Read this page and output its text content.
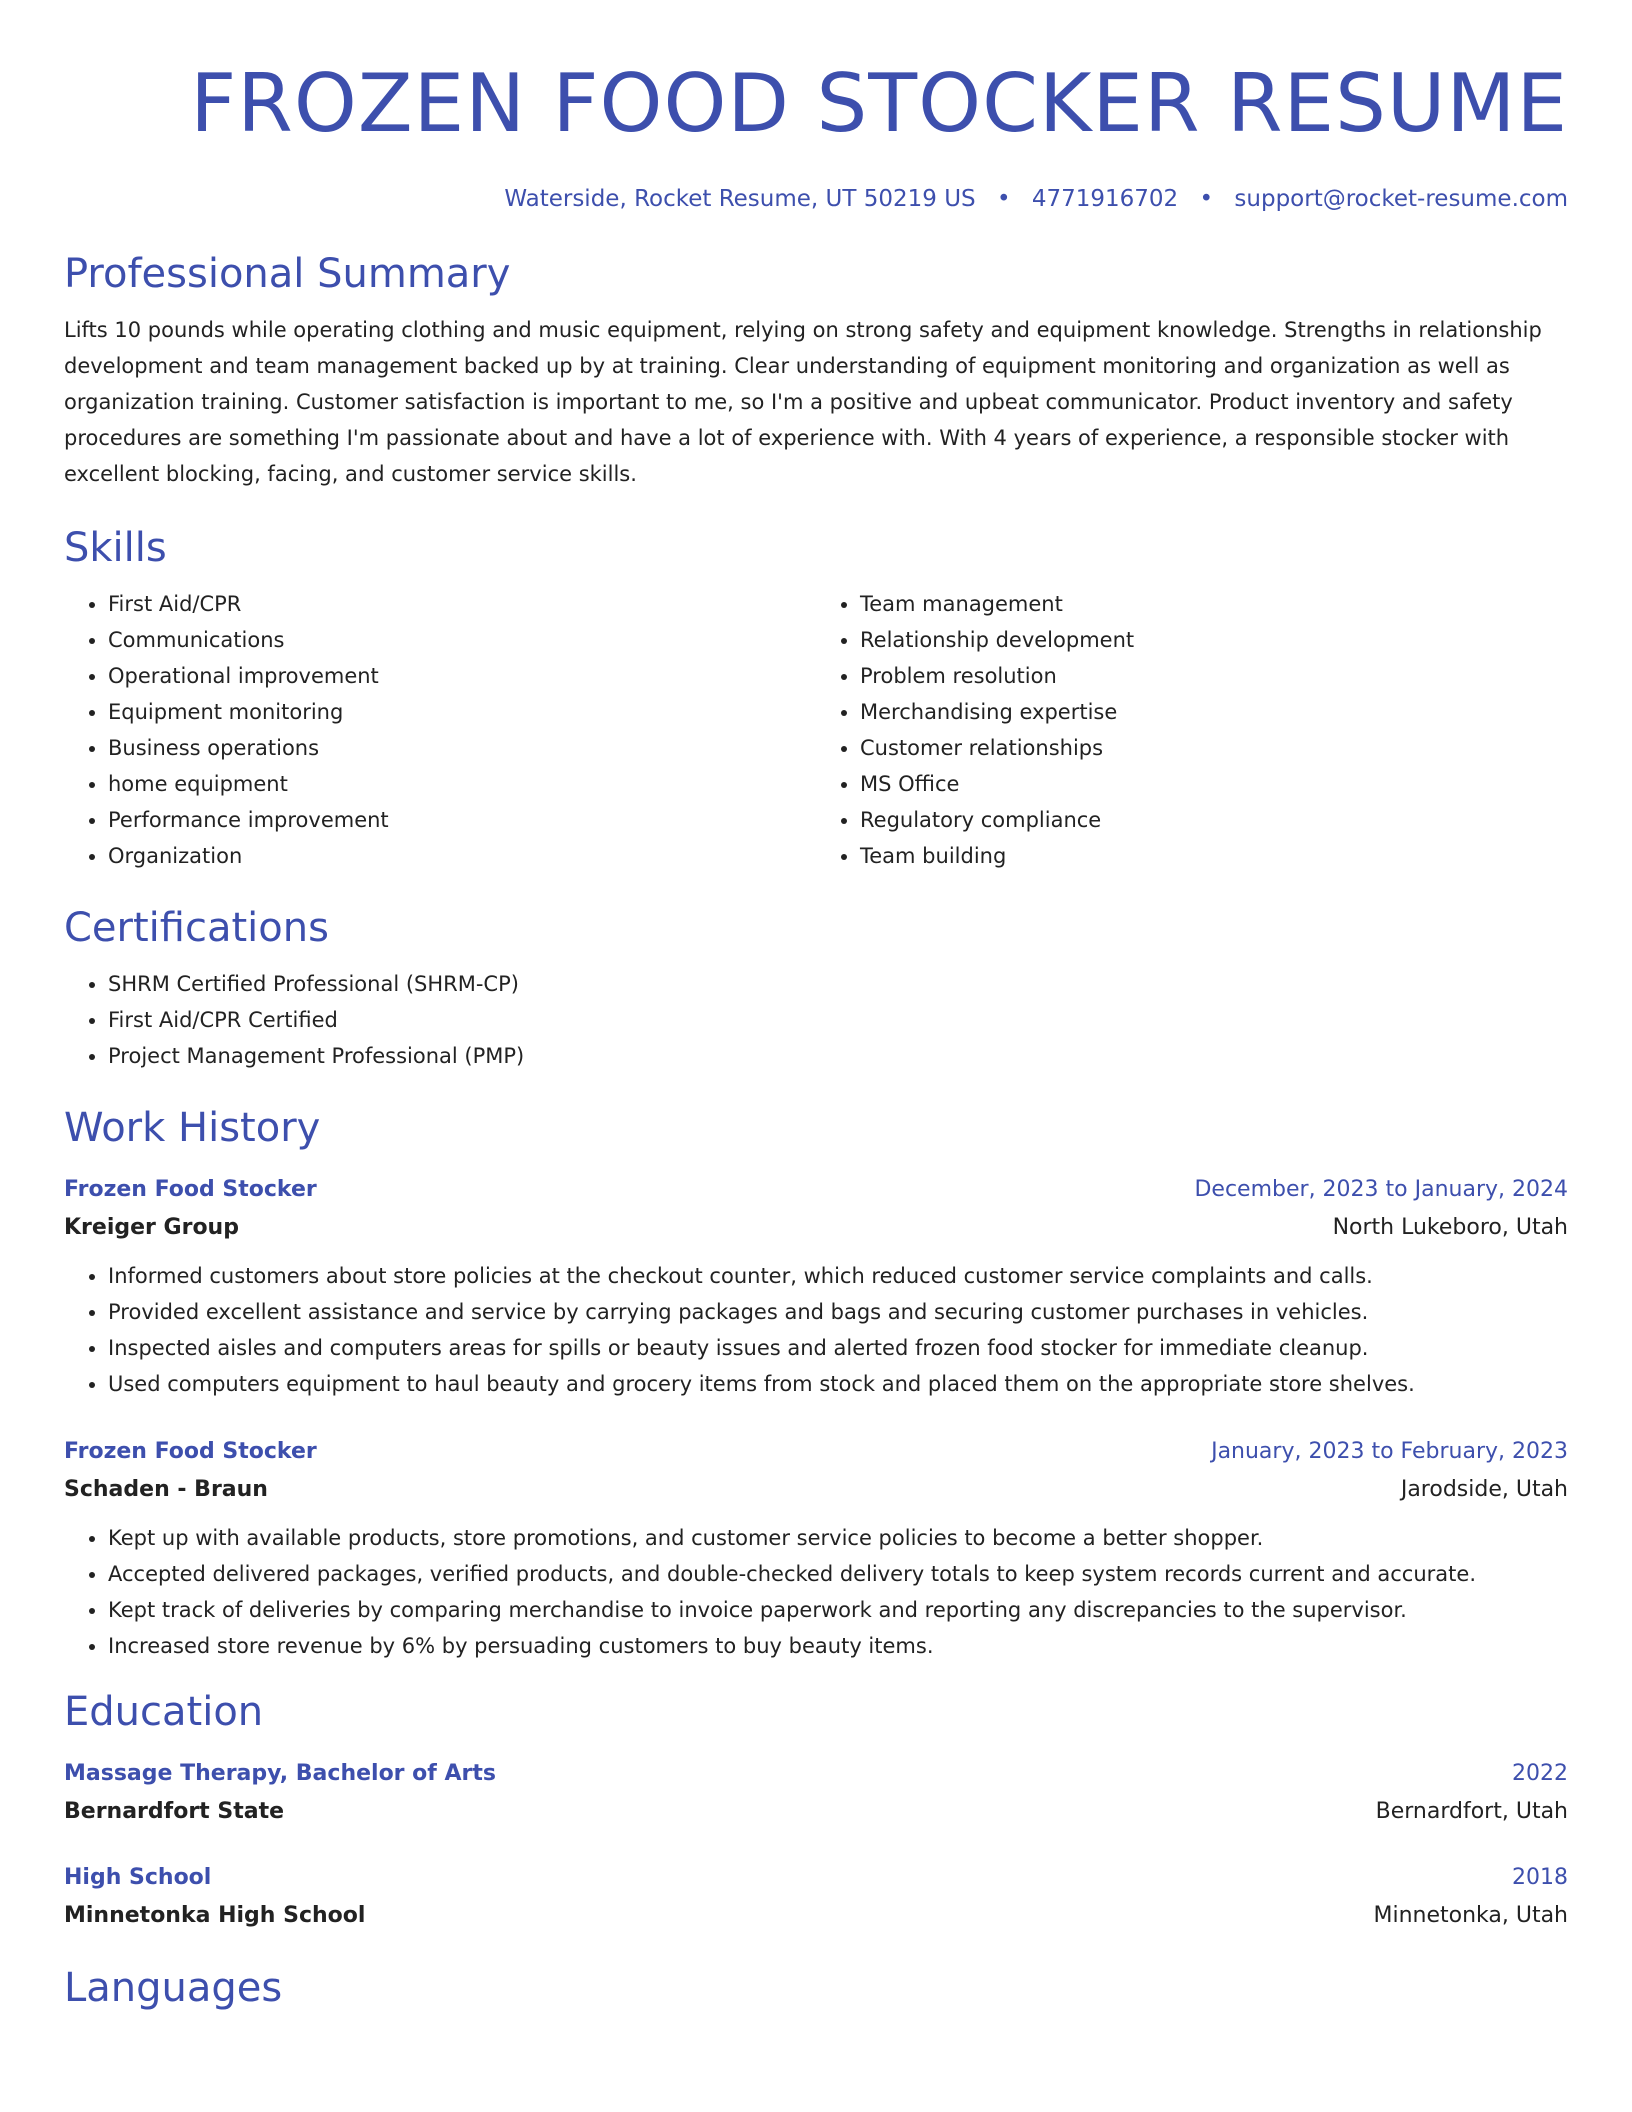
FROZEN FOOD STOCKER RESUME
Waterside, Rocket Resume, UT 50219 US • 4771916702 • support@rocket-resume.com
Professional Summary

Lifts 10 pounds while operating clothing and music equipment, relying on strong safety and equipment knowledge. Strengths in relationship development and team management backed up by at training. Clear understanding of equipment monitoring and organization as well as organization training. Customer satisfaction is important to me, so I'm a positive and upbeat communicator. Product inventory and safety procedures are something I'm passionate about and have a lot of experience with. With 4 years of experience, a responsible stocker with excellent blocking, facing, and customer service skills.

Skills
• First Aid/CPR
• Communications
• Operational improvement
• Equipment monitoring
• Business operations
• home equipment
• Performance improvement
• Organization
• Team management
• Relationship development
• Problem resolution
• Merchandising expertise
• Customer relationships
• MS Office
• Regulatory compliance
• Team building
Certifications
• SHRM Certified Professional (SHRM-CP)
• First Aid/CPR Certified
• Project Management Professional (PMP)
Work History
Frozen Food Stocker	December, 2023 to January, 2024
Kreiger Group	North Lukeboro, Utah
• Informed customers about store policies at the checkout counter, which reduced customer service complaints and calls.
• Provided excellent assistance and service by carrying packages and bags and securing customer purchases in vehicles.
• Inspected aisles and computers areas for spills or beauty issues and alerted frozen food stocker for immediate cleanup.
• Used computers equipment to haul beauty and grocery items from stock and placed them on the appropriate store shelves.
Frozen Food Stocker	January, 2023 to February, 2023
Schaden - Braun	Jarodside, Utah
• Kept up with available products, store promotions, and customer service policies to become a better shopper.
• Accepted delivered packages, verified products, and double-checked delivery totals to keep system records current and accurate.
• Kept track of deliveries by comparing merchandise to invoice paperwork and reporting any discrepancies to the supervisor.
• Increased store revenue by 6% by persuading customers to buy beauty items.
Education
Massage Therapy, Bachelor of Arts	2022
Bernardfort State	Bernardfort, Utah
High School	2018
Minnetonka High School	Minnetonka, Utah
Languages
